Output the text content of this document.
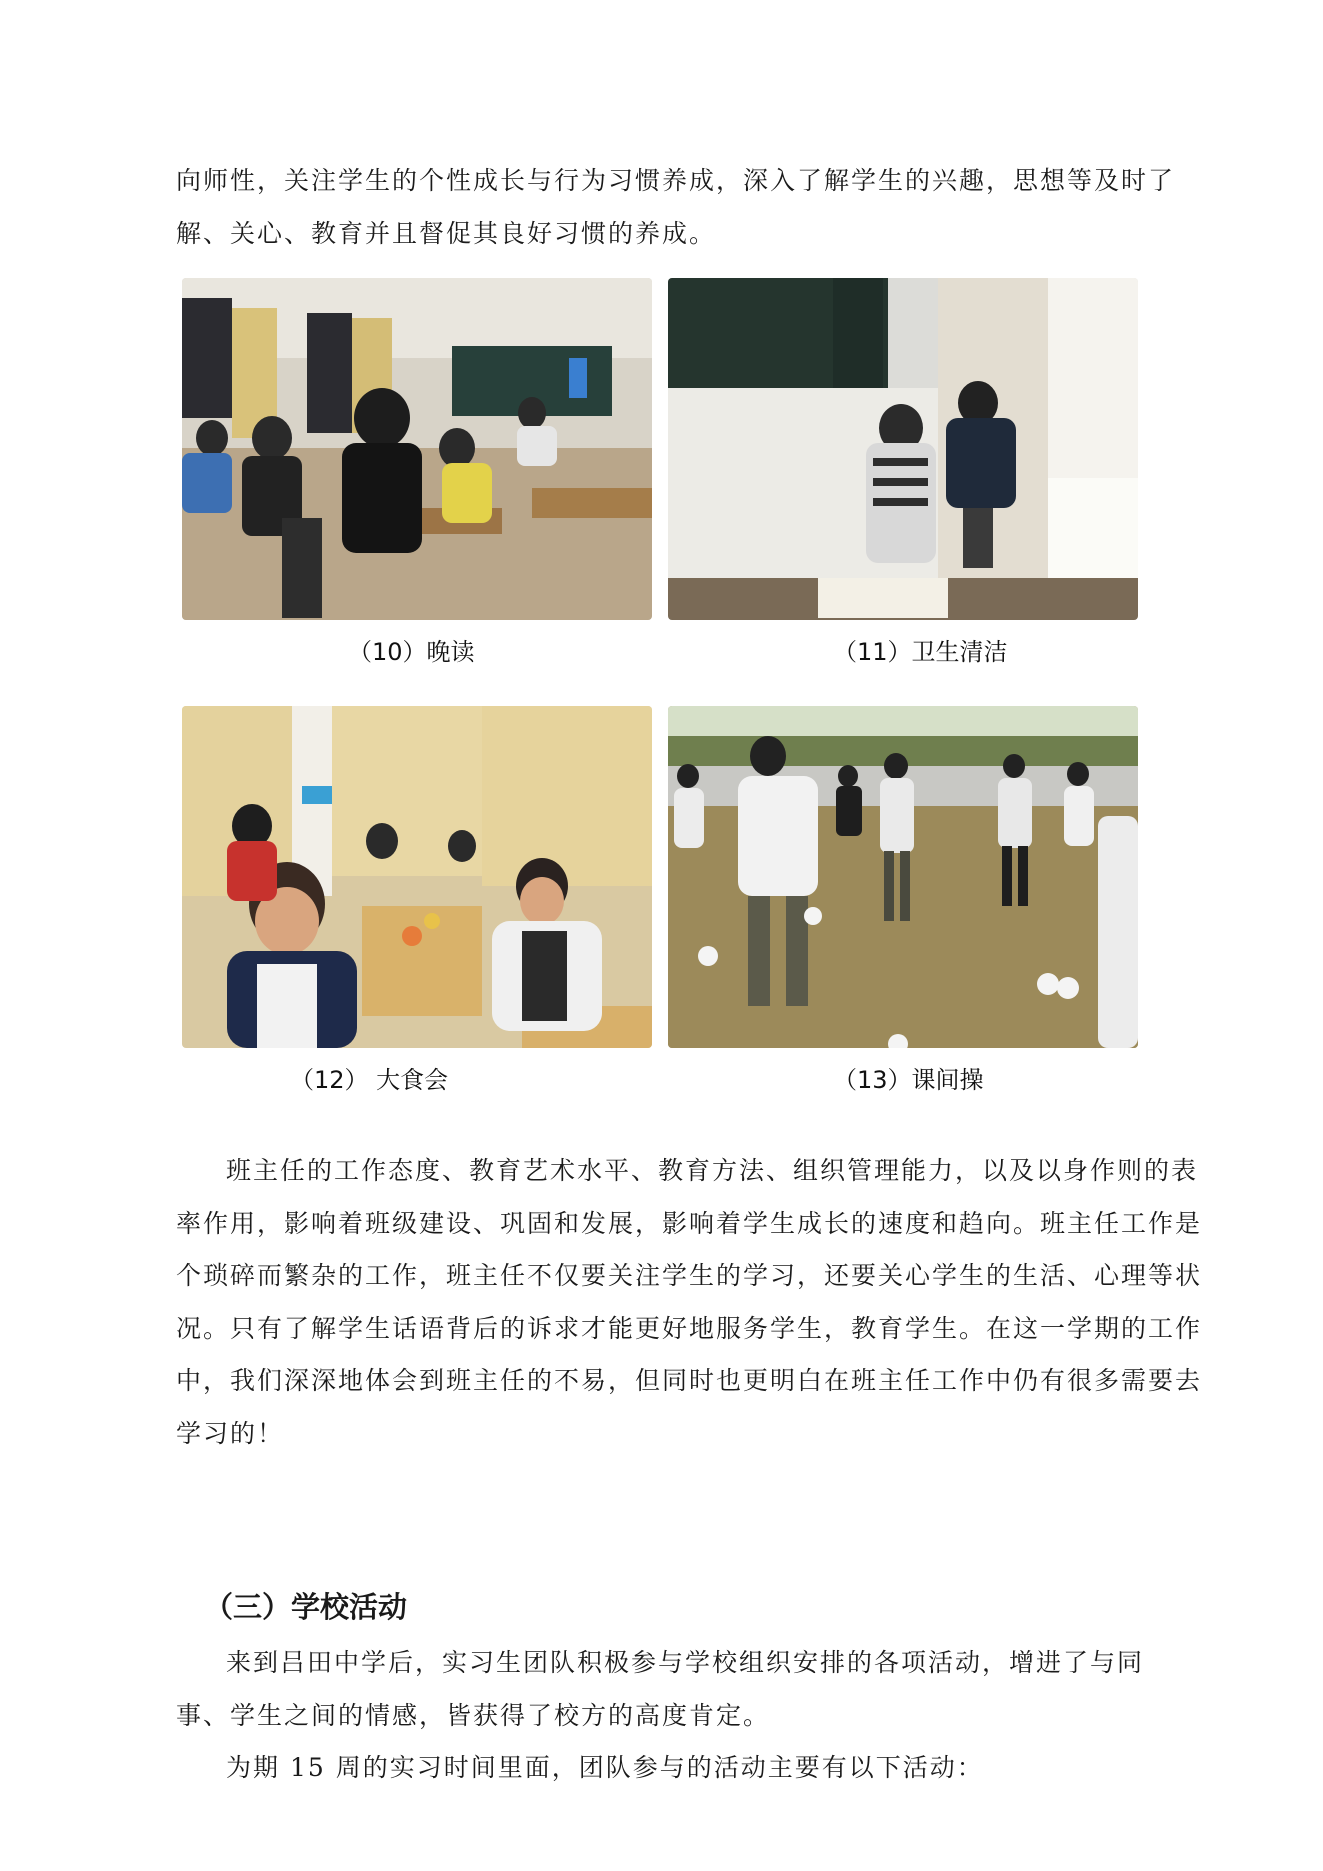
向师性，关注学生的个性成长与行为习惯养成，深入了解学生的兴趣，思想等及时了
解、关心、教育并且督促其良好习惯的养成。

（10）晚读	（11）卫生清洁
（12） 大食会	（13）课间操

班主任的工作态度、教育艺术水平、教育方法、组织管理能力，以及以身作则的表
率作用，影响着班级建设、巩固和发展，影响着学生成长的速度和趋向。班主任工作是
个琐碎而繁杂的工作，班主任不仅要关注学生的学习，还要关心学生的生活、心理等状
况。只有了解学生话语背后的诉求才能更好地服务学生，教育学生。在这一学期的工作
中，我们深深地体会到班主任的不易，但同时也更明白在班主任工作中仍有很多需要去
学习的！

（三）学校活动

来到吕田中学后，实习生团队积极参与学校组织安排的各项活动，增进了与同
事、学生之间的情感，皆获得了校方的高度肯定。
为期 15 周的实习时间里面，团队参与的活动主要有以下活动：
